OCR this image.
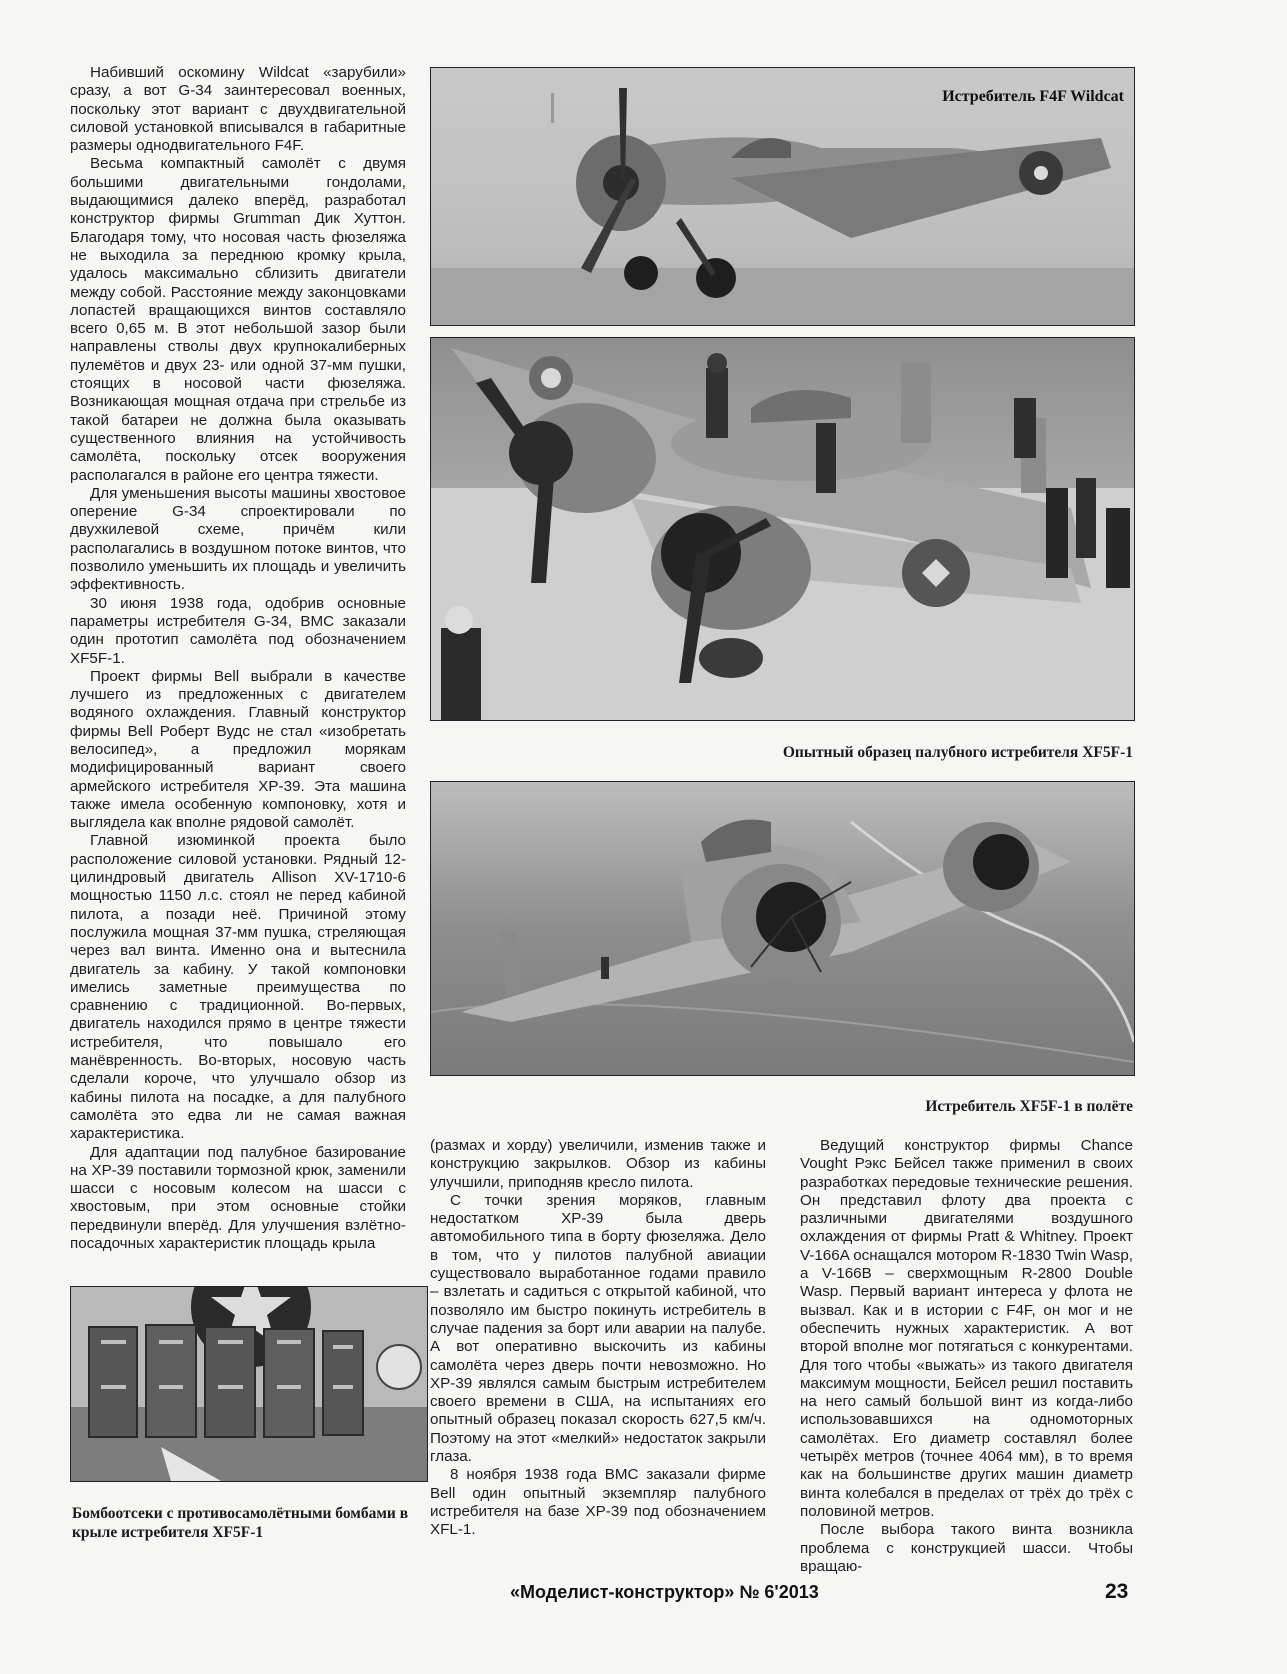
Набивший оскомину Wildcat «зарубили» сразу, а вот G-34 заинтересовал военных, поскольку этот вариант с двухдвигательной силовой установкой вписывался в габаритные размеры однодвигательного F4F.

Весьма компактный самолёт с двумя большими двигательными гондолами, выдающимися далеко вперёд, разработал конструктор фирмы Grumman Дик Хуттон. Благодаря тому, что носовая часть фюзеляжа не выходила за переднюю кромку крыла, удалось максимально сблизить двигатели между собой. Расстояние между законцовками лопастей вращающихся винтов составляло всего 0,65 м. В этот небольшой зазор были направлены стволы двух крупнокалиберных пулемётов и двух 23- или одной 37-мм пушки, стоящих в носовой части фюзеляжа. Возникающая мощная отдача при стрельбе из такой батареи не должна была оказывать существенного влияния на устойчивость самолёта, поскольку отсек вооружения располагался в районе его центра тяжести.

Для уменьшения высоты машины хвостовое оперение G-34 спроектировали по двухкилевой схеме, причём кили располагались в воздушном потоке винтов, что позволило уменьшить их площадь и увеличить эффективность.

30 июня 1938 года, одобрив основные параметры истребителя G-34, ВМС заказали один прототип самолёта под обозначением XF5F-1.

Проект фирмы Bell выбрали в качестве лучшего из предложенных с двигателем водяного охлаждения. Главный конструктор фирмы Bell Роберт Вудс не стал «изобретать велосипед», а предложил морякам модифицированный вариант своего армейского истребителя ХР-39. Эта машина также имела особенную компоновку, хотя и выглядела как вполне рядовой самолёт.

Главной изюминкой проекта было расположение силовой установки. Рядный 12-цилиндровый двигатель Allison XV-1710-6 мощностью 1150 л.с. стоял не перед кабиной пилота, а позади неё. Причиной этому послужила мощная 37-мм пушка, стреляющая через вал винта. Именно она и вытеснила двигатель за кабину. У такой компоновки имелись заметные преимущества по сравнению с традиционной. Во-первых, двигатель находился прямо в центре тяжести истребителя, что повышало его манёвренность. Во-вторых, носовую часть сделали короче, что улучшало обзор из кабины пилота на посадке, а для палубного самолёта это едва ли не самая важная характеристика.

Для адаптации под палубное базирование на ХР-39 поставили тормозной крюк, заменили шасси с носовым колесом на шасси с хвостовым, при этом основные стойки передвинули вперёд. Для улучшения взлётно-посадочных характеристик площадь крыла

Истребитель F4F Wildcat
Опытный образец палубного истребителя XF5F-1
Истребитель XF5F-1 в полёте
Бомбоотсеки с противосамолётными бомбами в крыле истребителя XF5F-1

(размах и хорду) увеличили, изменив также и конструкцию закрылков. Обзор из кабины улучшили, приподняв кресло пилота.

С точки зрения моряков, главным недостатком ХР-39 была дверь автомобильного типа в борту фюзеляжа. Дело в том, что у пилотов палубной авиации существовало выработанное годами правило – взлетать и садиться с открытой кабиной, что позволяло им быстро покинуть истребитель в случае падения за борт или аварии на палубе. А вот оперативно выскочить из кабины самолёта через дверь почти невозможно. Но ХР-39 являлся самым быстрым истребителем своего времени в США, на испытаниях его опытный образец показал скорость 627,5 км/ч. Поэтому на этот «мелкий» недостаток закрыли глаза.

8 ноября 1938 года ВМС заказали фирме Bell один опытный экземпляр палубного истребителя на базе ХР-39 под обозначением XFL-1.

Ведущий конструктор фирмы Chance Vought Рэкс Бейсел также применил в своих разработках передовые технические решения. Он представил флоту два проекта с различными двигателями воздушного охлаждения от фирмы Pratt & Whitney. Проект V-166A оснащался мотором R-1830 Twin Wasp, а V-166B – сверхмощным R-2800 Double Wasp. Первый вариант интереса у флота не вызвал. Как и в истории с F4F, он мог и не обеспечить нужных характеристик. А вот второй вполне мог потягаться с конкурентами. Для того чтобы «выжать» из такого двигателя максимум мощности, Бейсел решил поставить на него самый большой винт из когда-либо использовавшихся на одномоторных самолётах. Его диаметр составлял более четырёх метров (точнее 4064 мм), в то время как на большинстве других машин диаметр винта колебался в пределах от трёх до трёх с половиной метров.

После выбора такого винта возникла проблема с конструкцией шасси. Чтобы вращаю-

«Моделист-конструктор» № 6'2013	23
